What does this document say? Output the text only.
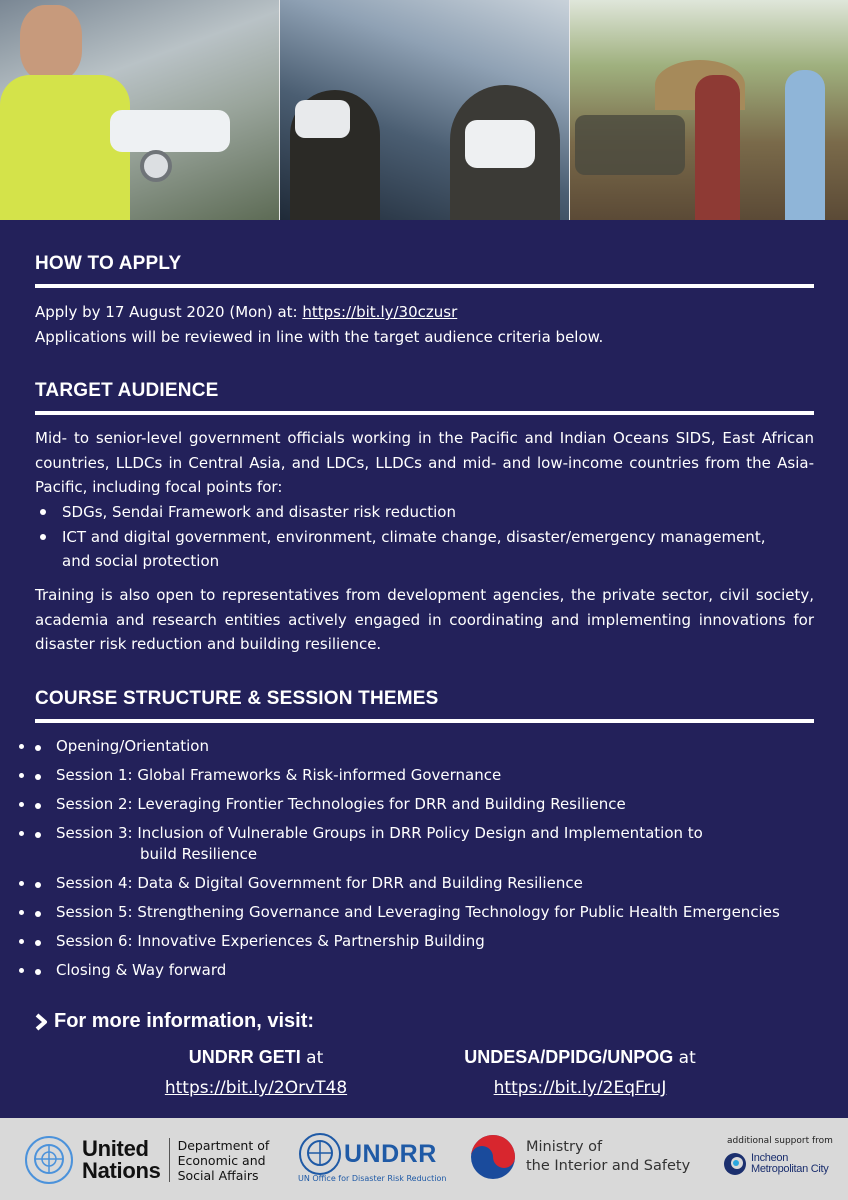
HOW TO APPLY
Apply by 17 August 2020 (Mon) at: https://bit.ly/30czusr
Applications will be reviewed in line with the target audience criteria below.
TARGET AUDIENCE
Mid- to senior-level government officials working in the Pacific and Indian Oceans SIDS, East African countries, LLDCs in Central Asia, and LDCs, LLDCs and mid- and low-income countries from the Asia-Pacific, including focal points for:
SDGs, Sendai Framework and disaster risk reduction
ICT and digital government, environment, climate change, disaster/emergency management, and social protection
Training is also open to representatives from development agencies, the private sector, civil society, academia and research entities actively engaged in coordinating and implementing innovations for disaster risk reduction and building resilience.
COURSE STRUCTURE & SESSION THEMES
• Opening/Orientation
• Session 1: Global Frameworks & Risk-informed Governance
• Session 2: Leveraging Frontier Technologies for DRR and Building Resilience
• Session 3: Inclusion of Vulnerable Groups in DRR Policy Design and Implementation to
build Resilience
• Session 4: Data & Digital Government for DRR and Building Resilience
• Session 5: Strengthening Governance and Leveraging Technology for Public Health Emergencies
• Session 6: Innovative Experiences & Partnership Building
• Closing & Way forward
For more information, visit:
UNDRR GETI at
https://bit.ly/2OrvT48
UNDESA/DPIDG/UNPOG at
https://bit.ly/2EqFruJ
United
Nations
Department of
Economic and
Social Affairs
UNDRR
UN Office for Disaster Risk Reduction
Ministry of
the Interior and Safety
additional support from
Incheon
Metropolitan City
